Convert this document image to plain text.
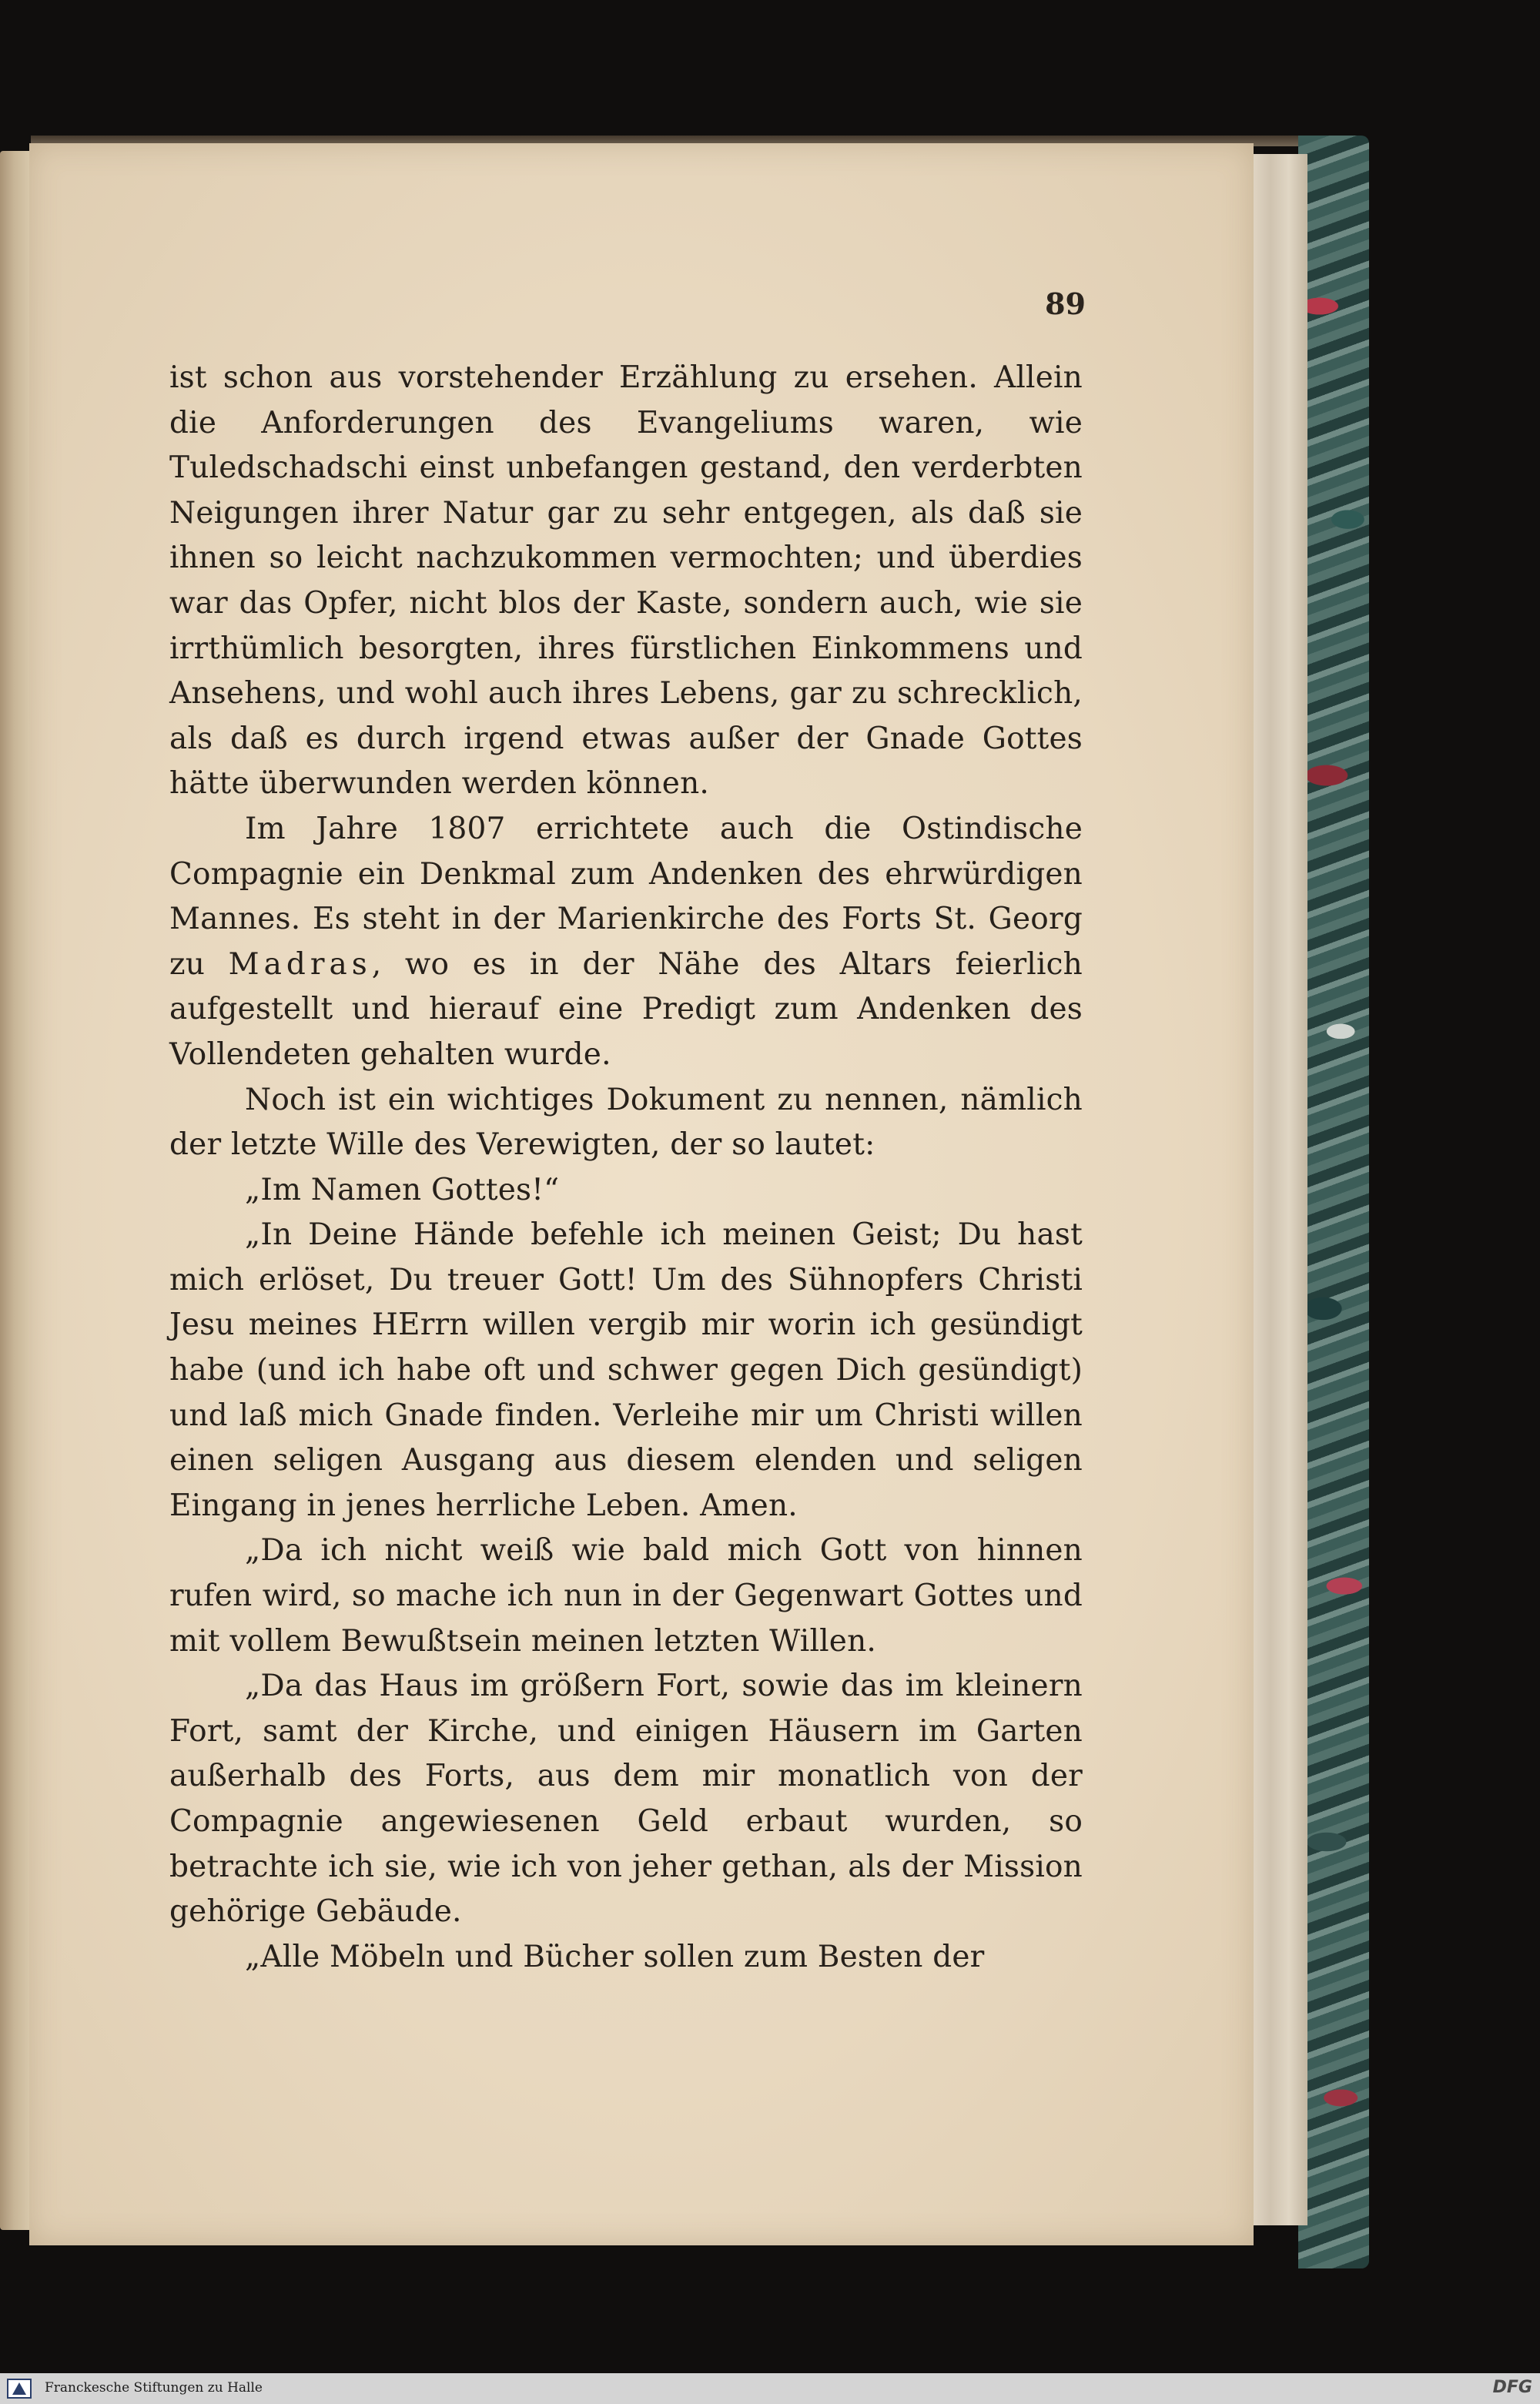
89

ist schon aus vorstehender Erzählung zu ersehen. Allein die Anforderungen des Evangeliums waren, wie Tuledschadschi einst unbefangen gestand, den verderbten Neigungen ihrer Natur gar zu sehr entgegen, als daß sie ihnen so leicht nachzukommen vermochten; und überdies war das Opfer, nicht blos der Kaste, sondern auch, wie sie irrthümlich besorgten, ihres fürstlichen Einkommens und Ansehens, und wohl auch ihres Lebens, gar zu schrecklich, als daß es durch irgend etwas außer der Gnade Gottes hätte überwunden werden können.

Im Jahre 1807 errichtete auch die Ostindische Compagnie ein Denkmal zum Andenken des ehrwürdigen Mannes. Es steht in der Marienkirche des Forts St. Georg zu Madras, wo es in der Nähe des Altars feierlich aufgestellt und hierauf eine Predigt zum Andenken des Vollendeten gehalten wurde.

Noch ist ein wichtiges Dokument zu nennen, nämlich der letzte Wille des Verewigten, der so lautet:

„Im Namen Gottes!“

„In Deine Hände befehle ich meinen Geist; Du hast mich erlöset, Du treuer Gott! Um des Sühnopfers Christi Jesu meines HErrn willen vergib mir worin ich gesündigt habe (und ich habe oft und schwer gegen Dich gesündigt) und laß mich Gnade finden. Verleihe mir um Christi willen einen seligen Ausgang aus diesem elenden und seligen Eingang in jenes herrliche Leben. Amen.

„Da ich nicht weiß wie bald mich Gott von hinnen rufen wird, so mache ich nun in der Gegenwart Gottes und mit vollem Bewußtsein meinen letzten Willen.

„Da das Haus im größern Fort, sowie das im kleinern Fort, samt der Kirche, und einigen Häusern im Garten außerhalb des Forts, aus dem mir monatlich von der Compagnie angewiesenen Geld erbaut wurden, so betrachte ich sie, wie ich von jeher gethan, als der Mission gehörige Gebäude.

„Alle Möbeln und Bücher sollen zum Besten der

Franckesche Stiftungen zu Halle	DFG
